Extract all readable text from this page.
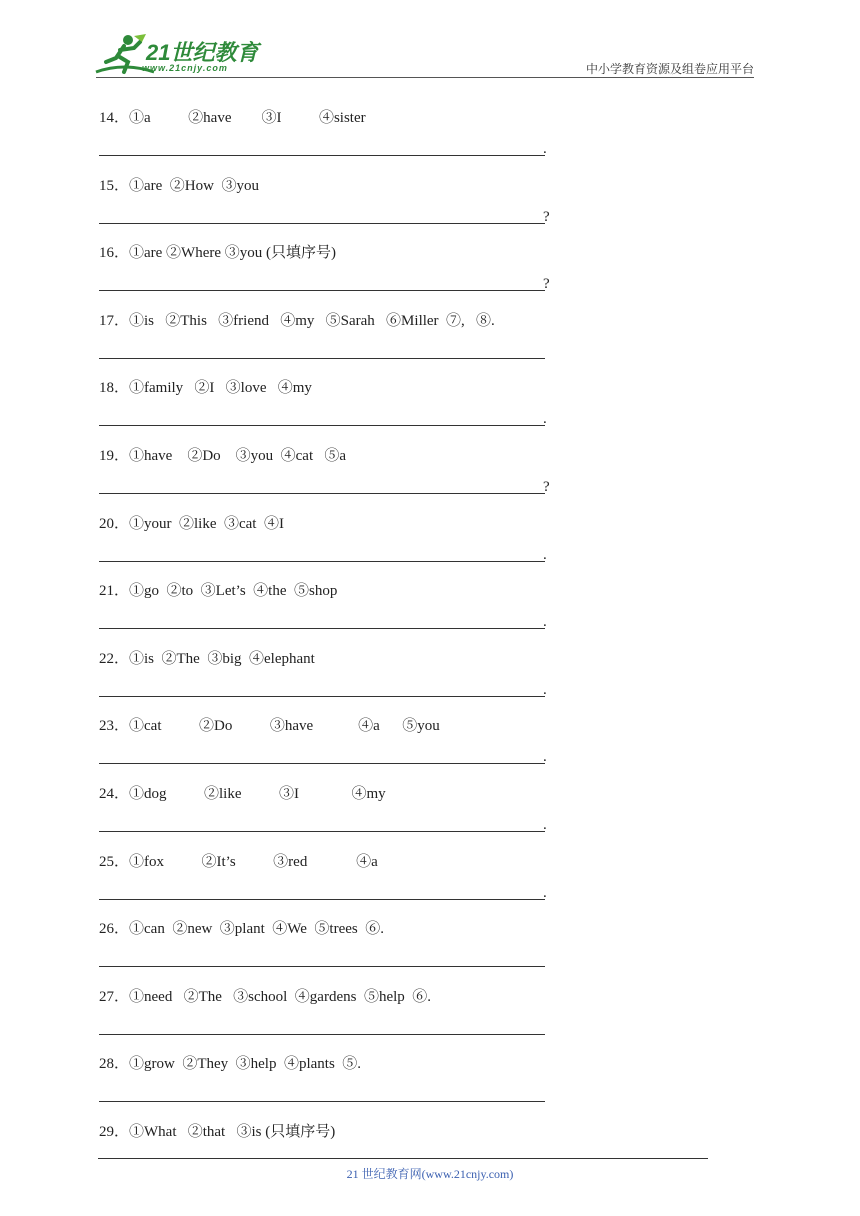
21世纪教育
www.21cnjy.com	中小学教育资源及组卷应用平台
14．①a          ②have        ③I          ④sister
.
15．①are  ②How  ③you
?
16．①are ②Where ③you (只填序号)
?
17．①is   ②This   ③friend   ④my   ⑤Sarah   ⑥Miller  ⑦,   ⑧.
18．①family   ②I   ③love   ④my
.
19．①have    ②Do    ③you  ④cat   ⑤a
?
20．①your  ②like  ③cat  ④I
.
21．①go  ②to  ③Let’s  ④the  ⑤shop
.
22．①is  ②The  ③big  ④elephant
.
23．①cat          ②Do          ③have            ④a      ⑤you
.
24．①dog          ②like          ③I              ④my
.
25．①fox          ②It’s          ③red             ④a
.
26．①can  ②new  ③plant  ④We  ⑤trees  ⑥.
27．①need   ②The   ③school  ④gardens  ⑤help  ⑥.
28．①grow  ②They  ③help  ④plants  ⑤.
29．①What   ②that   ③is (只填序号)
21 世纪教育网(www.21cnjy.com)
